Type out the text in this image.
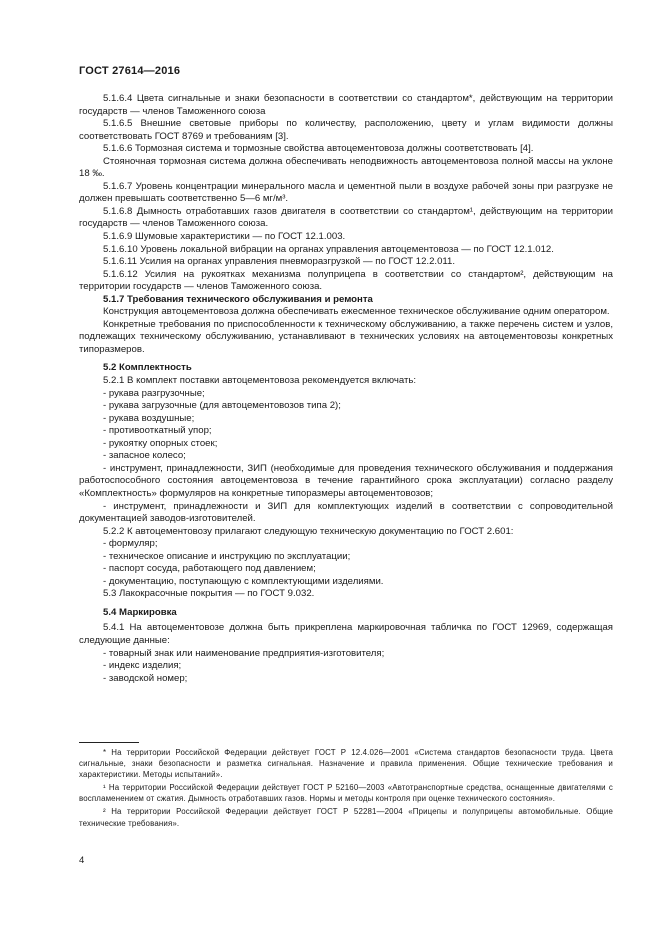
ГОСТ 27614—2016

5.1.6.4 Цвета сигнальные и знаки безопасности в соответствии со стандартом*, действующим на территории государств — членов Таможенного союза

5.1.6.5 Внешние световые приборы по количеству, расположению, цвету и углам видимости должны соответствовать ГОСТ 8769 и требованиям [3].

5.1.6.6 Тормозная система и тормозные свойства автоцементовоза должны соответствовать [4].

Стояночная тормозная система должна обеспечивать неподвижность автоцементовоза полной массы на уклоне 18 ‰.

5.1.6.7 Уровень концентрации минерального масла и цементной пыли в воздухе рабочей зоны при разгрузке не должен превышать соответственно 5—6 мг/м³.

5.1.6.8 Дымность отработавших газов двигателя в соответствии со стандартом¹, действующим на территории государств — членов Таможенного союза.

5.1.6.9 Шумовые характеристики — по ГОСТ 12.1.003.

5.1.6.10 Уровень локальной вибрации на органах управления автоцементовоза — по ГОСТ 12.1.012.

5.1.6.11 Усилия на органах управления пневморазгрузкой — по ГОСТ 12.2.011.

5.1.6.12 Усилия на рукоятках механизма полуприцепа в соответствии со стандартом², действующим на территории государств — членов Таможенного союза.

5.1.7 Требования технического обслуживания и ремонта

Конструкция автоцементовоза должна обеспечивать ежесменное техническое обслуживание одним оператором.

Конкретные требования по приспособленности к техническому обслуживанию, а также перечень систем и узлов, подлежащих техническому обслуживанию, устанавливают в технических условиях на автоцементовозы конкретных типоразмеров.

5.2 Комплектность

5.2.1 В комплект поставки автоцементовоза рекомендуется включать:

- рукава разгрузочные;

- рукава загрузочные (для автоцементовозов типа 2);

- рукава воздушные;

- противооткатный упор;

- рукоятку опорных стоек;

- запасное колесо;

- инструмент, принадлежности, ЗИП (необходимые для проведения технического обслуживания и поддержания работоспособного состояния автоцементовоза в течение гарантийного срока эксплуатации) согласно разделу «Комплектность» формуляров на конкретные типоразмеры автоцементовозов;

- инструмент, принадлежности и ЗИП для комплектующих изделий в соответствии с сопроводительной документацией заводов-изготовителей.

5.2.2 К автоцементовозу прилагают следующую техническую документацию по ГОСТ 2.601:

- формуляр;

- техническое описание и инструкцию по эксплуатации;

- паспорт сосуда, работающего под давлением;

- документацию, поступающую с комплектующими изделиями.

5.3 Лакокрасочные покрытия — по ГОСТ 9.032.

5.4 Маркировка

5.4.1 На автоцементовозе должна быть прикреплена маркировочная табличка по ГОСТ 12969, содержащая следующие данные:

- товарный знак или наименование предприятия-изготовителя;

- индекс изделия;

- заводской номер;

* На территории Российской Федерации действует ГОСТ Р 12.4.026—2001 «Система стандартов безопасности труда. Цвета сигнальные, знаки безопасности и разметка сигнальная. Назначение и правила применения. Общие технические требования и характеристики. Методы испытаний».

¹ На территории Российской Федерации действует ГОСТ Р 52160—2003 «Автотранспортные средства, оснащенные двигателями с воспламенением от сжатия. Дымность отработавших газов. Нормы и методы контроля при оценке технического состояния».

² На территории Российской Федерации действует ГОСТ Р 52281—2004 «Прицепы и полуприцепы автомобильные. Общие технические требования».

4
